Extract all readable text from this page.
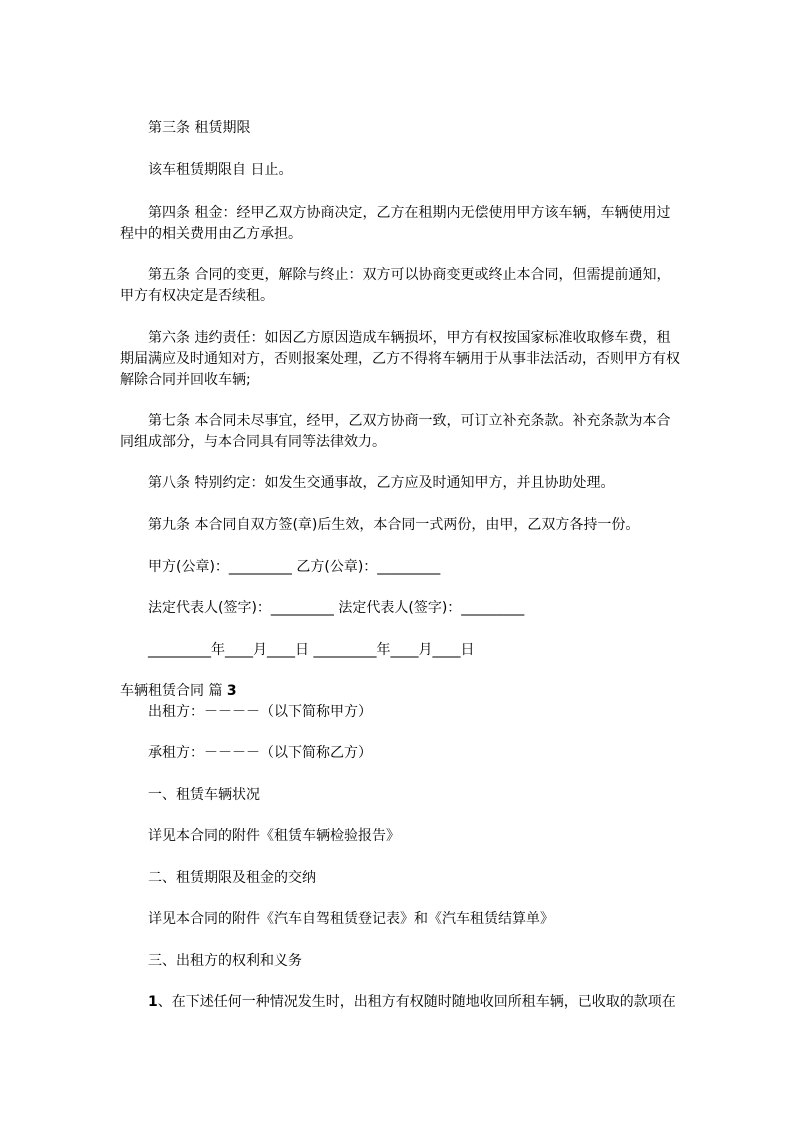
第三条 租赁期限

该车租赁期限自 日止。

第四条 租金：经甲乙双方协商决定，乙方在租期内无偿使用甲方该车辆，车辆使用过

程中的相关费用由乙方承担。

第五条 合同的变更，解除与终止：双方可以协商变更或终止本合同，但需提前通知，

甲方有权决定是否续租。

第六条 违约责任：如因乙方原因造成车辆损坏，甲方有权按国家标准收取修车费，租

期届满应及时通知对方，否则报案处理，乙方不得将车辆用于从事非法活动，否则甲方有权

解除合同并回收车辆;

第七条 本合同未尽事宜，经甲，乙双方协商一致，可订立补充条款。补充条款为本合

同组成部分，与本合同具有同等法律效力。

第八条 特别约定：如发生交通事故，乙方应及时通知甲方，并且协助处理。

第九条 本合同自双方签(章)后生效，本合同一式两份，由甲，乙双方各持一份。

甲方(公章)：_________ 乙方(公章)：_________

法定代表人(签字)：_________ 法定代表人(签字)：_________

_________年____月____日 _________年____月____日

车辆租赁合同 篇 3

出租方：－－－－（以下简称甲方）

承租方：－－－－（以下简称乙方）

一、租赁车辆状况

详见本合同的附件《租赁车辆检验报告》

二、租赁期限及租金的交纳

详见本合同的附件《汽车自驾租赁登记表》和《汽车租赁结算单》

三、出租方的权利和义务

1、在下述任何一种情况发生时，出租方有权随时随地收回所租车辆，已收取的款项在
